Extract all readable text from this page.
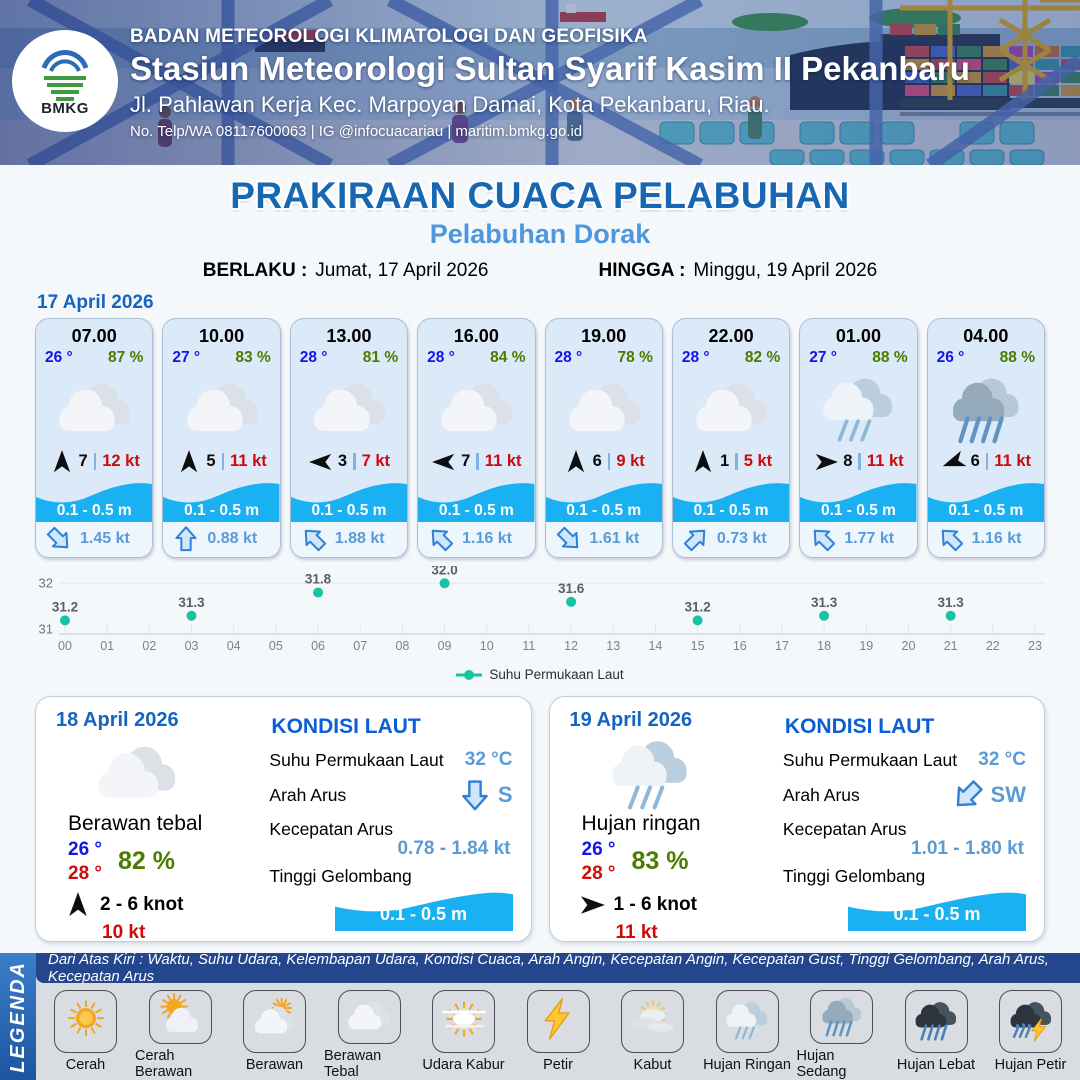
BMKG
BADAN METEOROLOGI KLIMATOLOGI DAN GEOFISIKA
Stasiun Meteorologi Sultan Syarif Kasim II Pekanbaru
Jl. Pahlawan Kerja Kec. Marpoyan Damai, Kota Pekanbaru, Riau.
No. Telp/WA 08117600063 | IG @infocuacariau | maritim.bmkg.go.id
PRAKIRAAN CUACA PELABUHAN
Pelabuhan Dorak
BERLAKU : Jumat, 17 April 2026	HINGGA : Minggu, 19 April 2026
17 April 2026
07.00
26 ° 87 %
7 12 kt
0.1 - 0.5 m
1.45 kt
10.00
27 ° 83 %
5 11 kt
0.1 - 0.5 m
0.88 kt
13.00
28 ° 81 %
3 7 kt
0.1 - 0.5 m
1.88 kt
16.00
28 ° 84 %
7 11 kt
0.1 - 0.5 m
1.16 kt
19.00
28 ° 78 %
6 9 kt
0.1 - 0.5 m
1.61 kt
22.00
28 ° 82 %
1 5 kt
0.1 - 0.5 m
0.73 kt
01.00
27 ° 88 %
8 11 kt
0.1 - 0.5 m
1.77 kt
04.00
26 ° 88 %
6 11 kt
0.1 - 0.5 m
1.16 kt
31
32
00 01 02 03 04 05 06 07 08 09 10 11 12 13 14 15 16 17 18 19 20 21 22 23
31.2	31.3
31.8
32.0
31.6
31.2	31.3	31.3
Suhu Permukaan Laut
18 April 2026
Berawan tebal
26 °
28 ° 82 %
2 - 6 knot
10 kt
KONDISI LAUT
Suhu Permukaan Laut 32 °C
Arah Arus	S
Kecepatan Arus
0.78 - 1.84 kt
Tinggi Gelombang
0.1 - 0.5 m
19 April 2026
Hujan ringan
26 °
28 ° 83 %
1 - 6 knot
11 kt
KONDISI LAUT
Suhu Permukaan Laut 32 °C
Arah Arus	SW
Kecepatan Arus
1.01 - 1.80 kt
Tinggi Gelombang
0.1 - 0.5 m
LEGENDA
Dari Atas Kiri : Waktu, Suhu Udara, Kelembapan Udara, Kondisi Cuaca, Arah Angin, Kecepatan Angin, Kecepatan Gust, Tinggi Gelombang, Arah Arus, Kecepatan Arus
Cerah
Cerah Berawan	Berawan
Berawan Tebal	Udara Kabur	Petir	Kabut Hujan Ringan
Hujan Sedang	Hujan Lebat Hujan Petir
